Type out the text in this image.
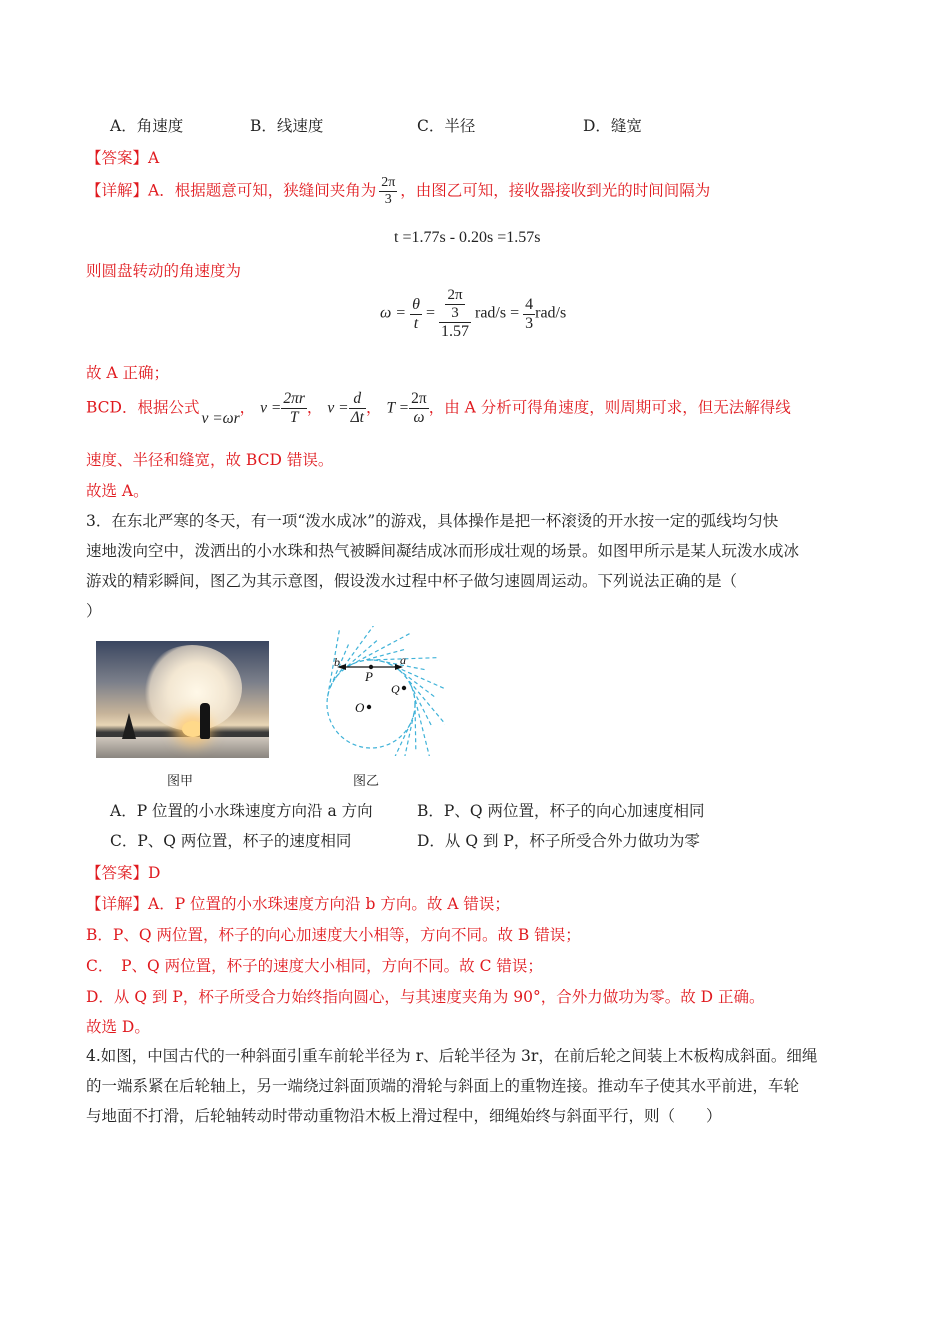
A．角速度	B．线速度	C．半径	D．缝宽
【答案】A
【详解】A．根据题意可知，狭缝间夹角为 $\frac{2\pi}{3}$ ，由图乙可知，接收器接收到光的时间间隔为
t =1.77s - 0.20s =1.57s
则圆盘转动的角速度为
$\omega = \frac{\theta}{t} = \frac{\frac{2\pi}{3}}{1.57} rad/s = \frac{4}{3} rad/s$
故 A 正确；
BCD．根据公式v =ωr， $v = \frac{2\pi r}{T}$ ， $v = \frac{d}{\Delta t}$ ， $T = \frac{2\pi}{\omega}$ ，由 A 分析可得角速度，则周期可求，但无法解得线
速度、半径和缝宽，故 BCD 错误。
故选 A。
3．在东北严寒的冬天，有一项“泼水成冰”的游戏，具体操作是把一杯滚烫的开水按一定的弧线均匀快
速地泼向空中，泼洒出的小水珠和热气被瞬间凝结成冰而形成壮观的场景。如图甲所示是某人玩泼水成冰
游戏的精彩瞬间，图乙为其示意图，假设泼水过程中杯子做匀速圆周运动。下列说法正确的是（
）
b	a
P
Q
O
图甲	图乙
A．P 位置的小水珠速度方向沿 a 方向	B．P、Q 两位置，杯子的向心加速度相同
C．P、Q 两位置，杯子的速度相同	D．从 Q 到 P，杯子所受合外力做功为零
【答案】D
【详解】A．P 位置的小水珠速度方向沿 b 方向。故 A 错误；
B．P、Q 两位置，杯子的向心加速度大小相等，方向不同。故 B 错误；
C．　P、Q 两位置，杯子的速度大小相同，方向不同。故 C 错误；
D．从 Q 到 P，杯子所受合力始终指向圆心，与其速度夹角为 90°，合外力做功为零。故 D 正确。
故选 D。
4.如图，中国古代的一种斜面引重车前轮半径为 r、后轮半径为 3r，在前后轮之间装上木板构成斜面。细绳
的一端系紧在后轮轴上，另一端绕过斜面顶端的滑轮与斜面上的重物连接。推动车子使其水平前进，车轮
与地面不打滑，后轮轴转动时带动重物沿木板上滑过程中，细绳始终与斜面平行，则（　　）
